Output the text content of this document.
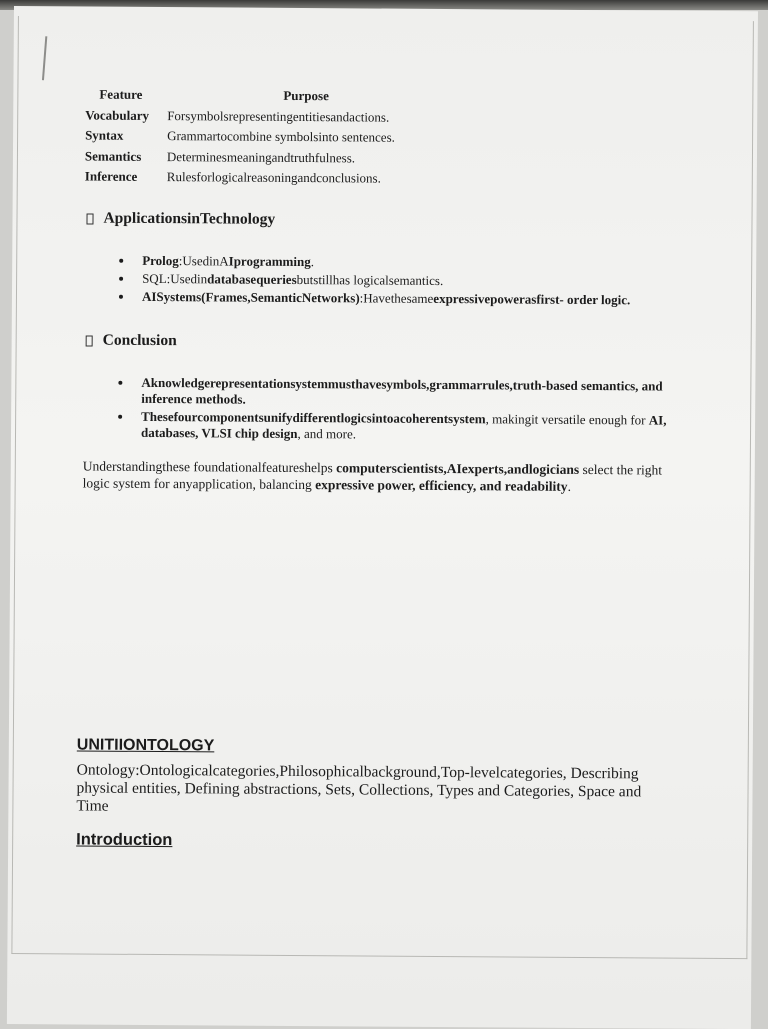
Feature	Purpose
Vocabulary	Forsymbolsrepresentingentitiesandactions.
Syntax	Grammartocombine symbolsinto sentences.
Semantics	Determinesmeaningandtruthfulness.
Inference	Rulesforlogicalreasoningandconclusions.
ApplicationsinTechnology
Prolog:UsedinAIprogramming.
SQL:Usedindatabasequeriesbutstillhas logicalsemantics.
AISystems(Frames,SemanticNetworks):Havethesameexpressivepowerasfirst- order logic.
Conclusion
Aknowledgerepresentationsystemmusthavesymbols,grammarrules,truth-based semantics, and inference methods.
Thesefourcomponentsunifydifferentlogicsintoacoherentsystem, makingit versatile enough for AI, databases, VLSI chip design, and more.
Understandingthese foundationalfeatureshelps computerscientists,AIexperts,andlogicians select the right logic system for anyapplication, balancing expressive power, efficiency, and readability.
UNITIIONTOLOGY
Ontology:Ontologicalcategories,Philosophicalbackground,Top-levelcategories, Describing physical entities, Defining abstractions, Sets, Collections, Types and Categories, Space and Time
Introduction
